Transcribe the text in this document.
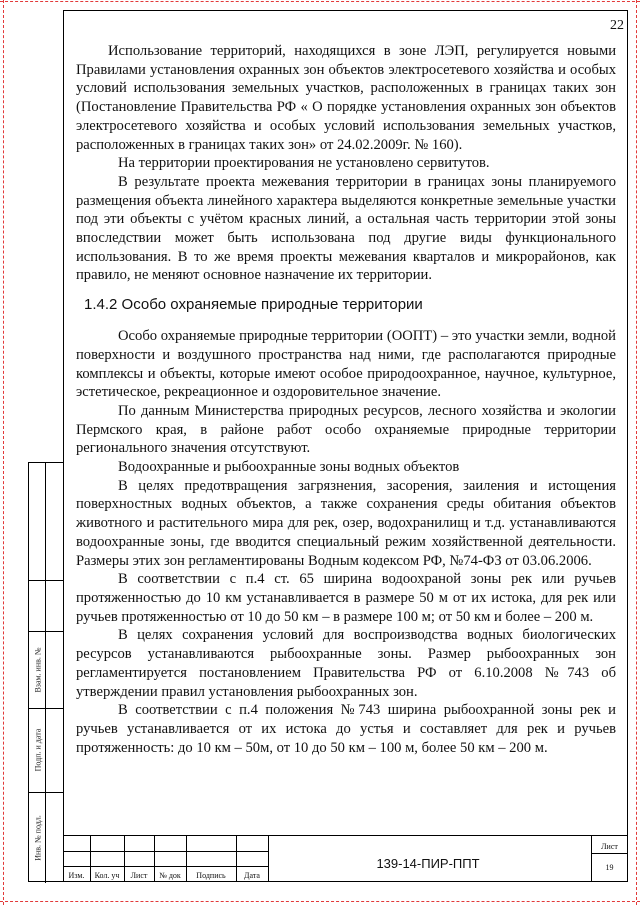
22

Использование территорий, находящихся в зоне ЛЭП, регулируется новыми Правилами установления охранных зон объектов электросетевого хозяйства и особых условий использования земельных участков, расположенных в границах таких зон (Постановление Правительства РФ « О порядке установления охранных зон объектов электросетевого хозяйства и особых условий использования земельных участков, расположенных в границах таких зон» от 24.02.2009г. № 160).

На территории проектирования не установлено сервитутов.

В результате проекта межевания территории в границах зоны планируемого размещения объекта линейного характера выделяются конкретные земельные участки под эти объекты с учётом красных линий, а остальная часть территории этой зоны впоследствии может быть использована под другие виды функционального использования. В то же время проекты межевания кварталов и микрорайонов, как правило, не меняют основное назначение их территории.

1.4.2 Особо охраняемые природные территории

Особо охраняемые природные территории (ООПТ) – это участки земли, водной поверхности и воздушного пространства над ними, где располагаются природные комплексы и объекты, которые имеют особое природоохранное, научное, культурное, эстетическое, рекреационное и оздоровительное значение.

По данным Министерства природных ресурсов, лесного хозяйства и экологии Пермского края, в районе работ особо охраняемые природные территории регионального значения отсутствуют.

Водоохранные и рыбоохранные зоны водных объектов

В целях предотвращения загрязнения, засорения, заиления и истощения поверхностных водных объектов, а также сохранения среды обитания объектов животного и растительного мира для рек, озер, водохранилищ и т.д. устанавливаются водоохранные зоны, где вводится специальный режим хозяйственной деятельности. Размеры этих зон регламентированы Водным кодексом РФ, №74-ФЗ от 03.06.2006.

В соответствии с п.4 ст. 65 ширина водоохраной зоны рек или ручьев протяженностью до 10 км устанавливается в размере 50 м от их истока, для рек или ручьев протяженностью от 10 до 50 км – в размере 100 м; от 50 км и более – 200 м.

В целях сохранения условий для воспроизводства водных биологических ресурсов устанавливаются рыбоохранные зоны. Размер рыбоохранных зон регламентируется постановлением Правительства РФ от 6.10.2008 №743 об утверждении правил установления рыбоохранных зон.

В соответствии с п.4 положения №743 ширина рыбоохранной зоны рек и ручьев устанавливается от их истока до устья и составляет для рек и ручьев протяженность: до 10 км – 50м, от 10 до 50 км – 100 м, более 50 км – 200 м.

Взам. инв. №
Подп. и дата
Инв. № подл.
Изм.	Кол. уч	Лист	№ док	Подпись	Дата
139-14-ПИР-ППТ
Лист
19
